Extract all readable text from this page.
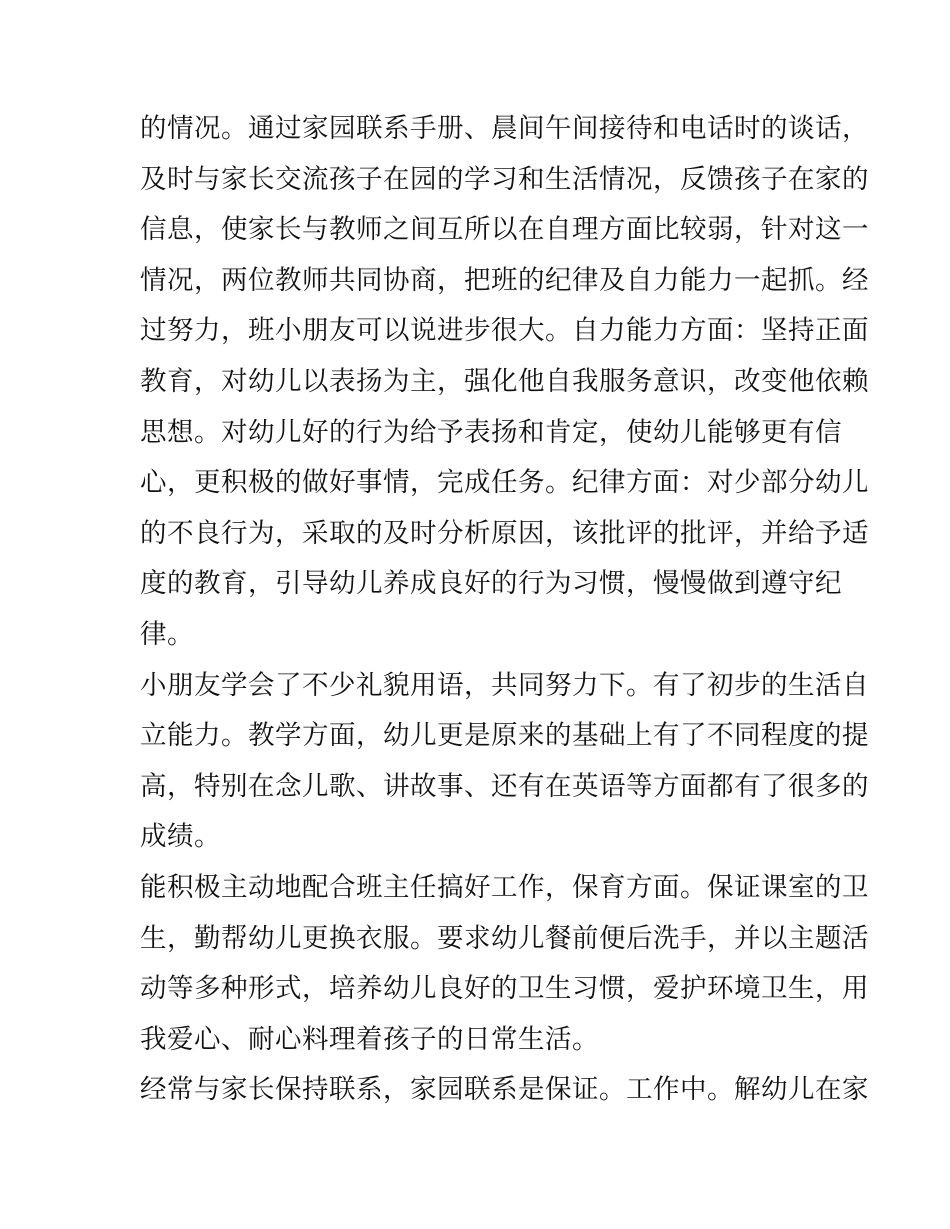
的情况。通过家园联系手册、晨间午间接待和电话时的谈话，
及时与家长交流孩子在园的学习和生活情况，反馈孩子在家的
信息，使家长与教师之间互所以在自理方面比较弱，针对这一
情况，两位教师共同协商，把班的纪律及自力能力一起抓。经
过努力，班小朋友可以说进步很大。自力能力方面：坚持正面
教育，对幼儿以表扬为主，强化他自我服务意识，改变他依赖
思想。对幼儿好的行为给予表扬和肯定，使幼儿能够更有信
心，更积极的做好事情，完成任务。纪律方面：对少部分幼儿
的不良行为，采取的及时分析原因，该批评的批评，并给予适
度的教育，引导幼儿养成良好的行为习惯，慢慢做到遵守纪
律。
小朋友学会了不少礼貌用语，共同努力下。有了初步的生活自
立能力。教学方面，幼儿更是原来的基础上有了不同程度的提
高，特别在念儿歌、讲故事、还有在英语等方面都有了很多的
成绩。
能积极主动地配合班主任搞好工作，保育方面。保证课室的卫
生，勤帮幼儿更换衣服。要求幼儿餐前便后洗手，并以主题活
动等多种形式，培养幼儿良好的卫生习惯，爱护环境卫生，用
我爱心、耐心料理着孩子的日常生活。
经常与家长保持联系，家园联系是保证。工作中。解幼儿在家
